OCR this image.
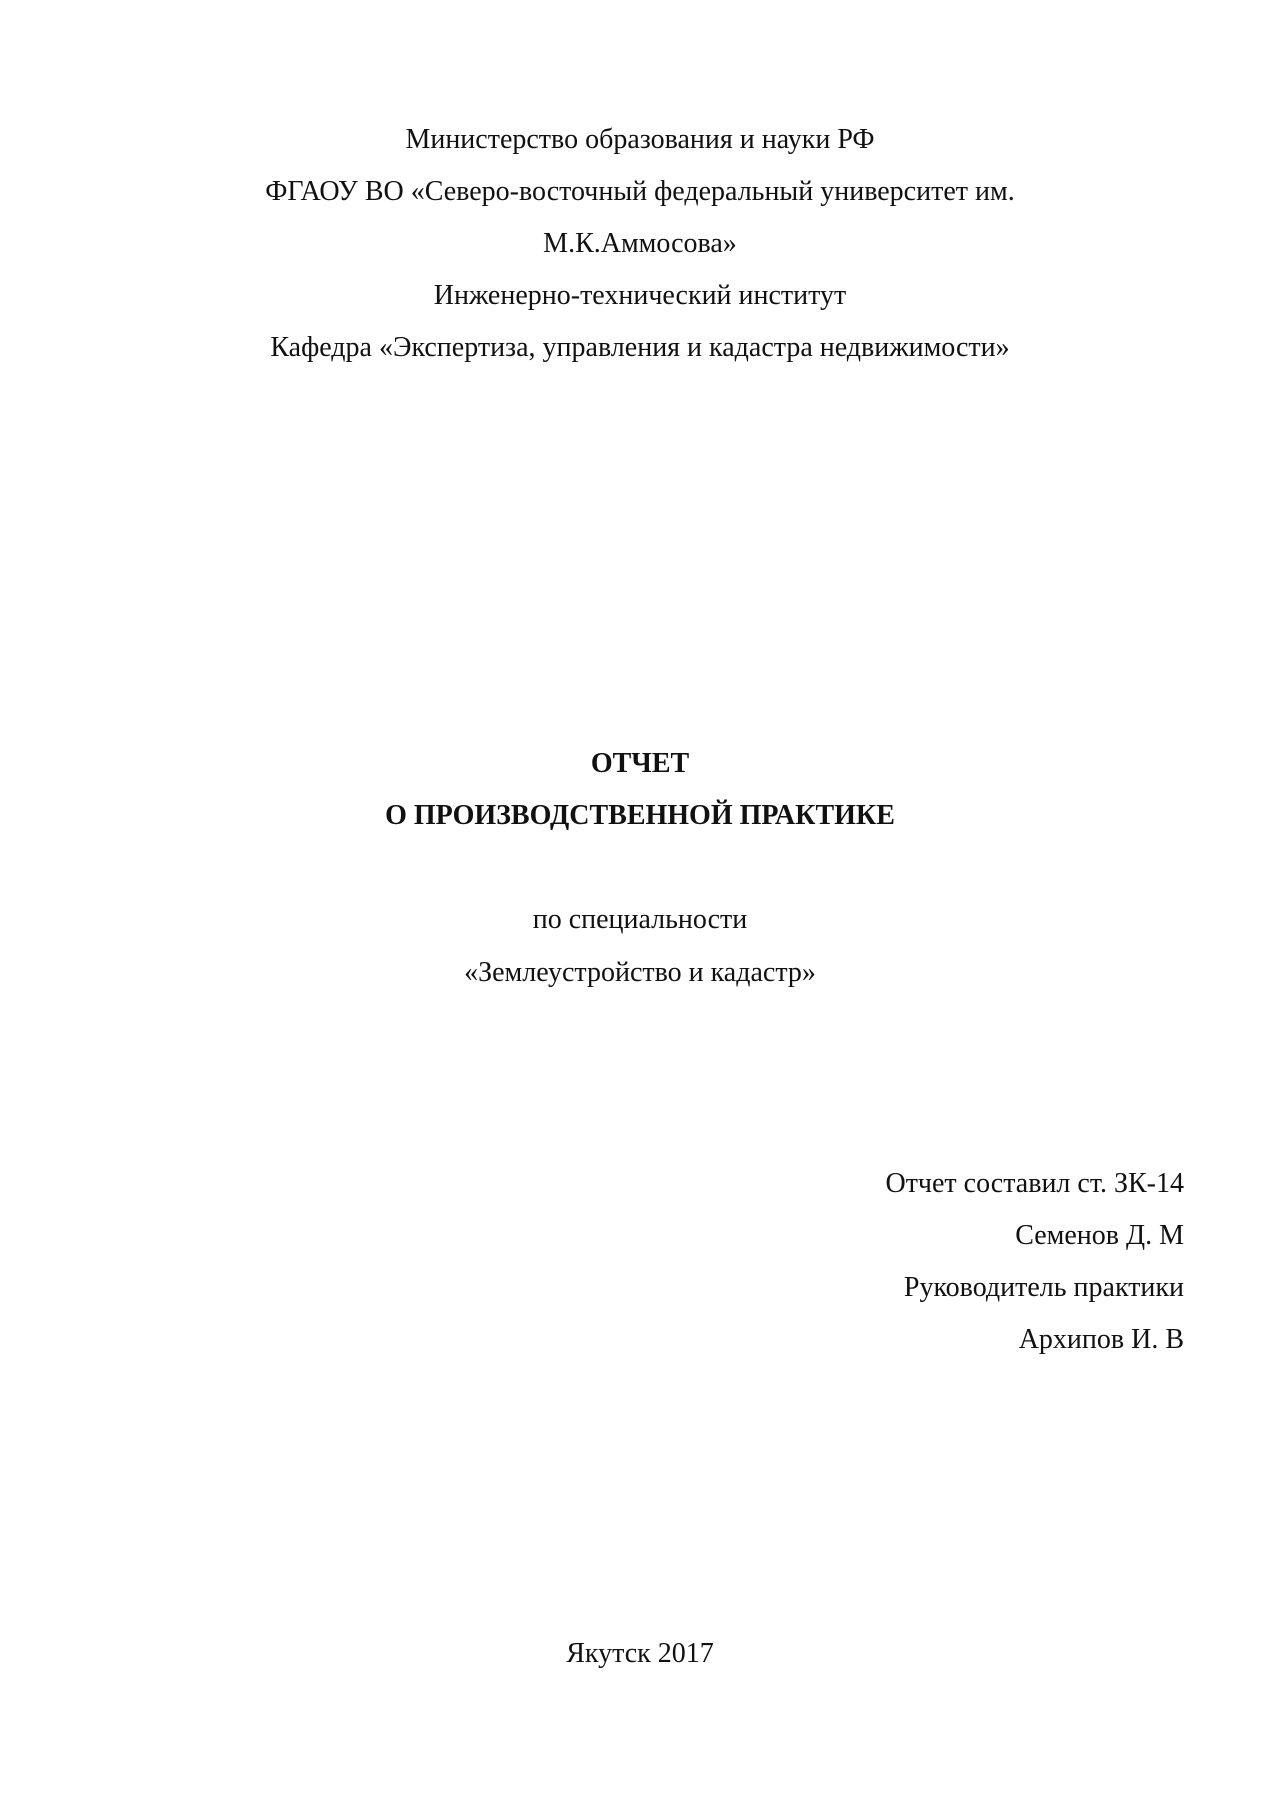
Министерство образования и науки РФ
ФГАОУ ВО «Северо-восточный федеральный университет им.
М.К.Аммосова»
Инженерно-технический институт
Кафедра «Экспертиза, управления и кадастра недвижимости»
ОТЧЕТ
О ПРОИЗВОДСТВЕННОЙ ПРАКТИКЕ
по специальности
«Землеустройство и кадастр»
Отчет составил ст. ЗК-14
Семенов Д. М
Руководитель практики
Архипов И. В
Якутск 2017
